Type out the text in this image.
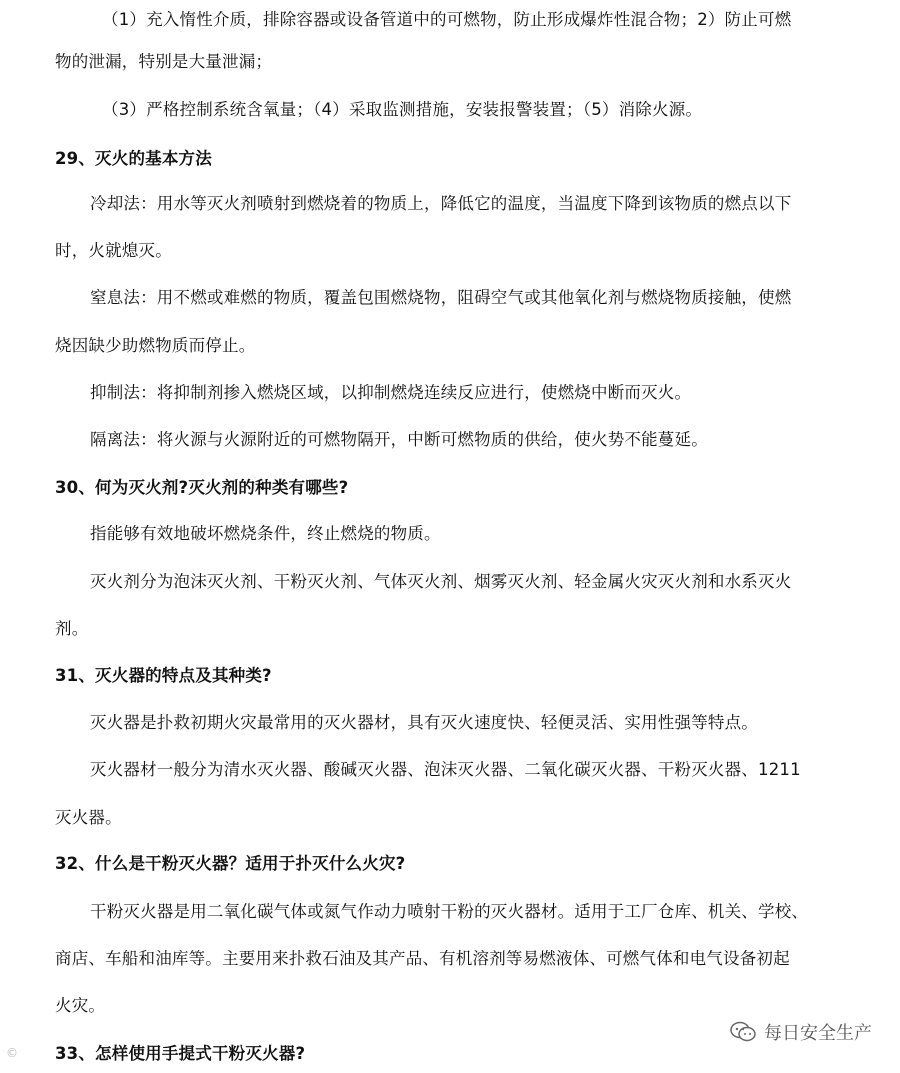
（1）充入惰性介质，排除容器或设备管道中的可燃物，防止形成爆炸性混合物；2）防止可燃

物的泄漏，特别是大量泄漏；

（3）严格控制系统含氧量；（4）采取监测措施，安装报警装置；（5）消除火源。

29、灭火的基本方法

冷却法：用水等灭火剂喷射到燃烧着的物质上，降低它的温度，当温度下降到该物质的燃点以下

时，火就熄灭。

窒息法：用不燃或难燃的物质，覆盖包围燃烧物，阻碍空气或其他氧化剂与燃烧物质接触，使燃

烧因缺少助燃物质而停止。

抑制法：将抑制剂掺入燃烧区域，以抑制燃烧连续反应进行，使燃烧中断而灭火。

隔离法：将火源与火源附近的可燃物隔开，中断可燃物质的供给，使火势不能蔓延。

30、何为灭火剂?灭火剂的种类有哪些?

指能够有效地破坏燃烧条件，终止燃烧的物质。

灭火剂分为泡沫灭火剂、干粉灭火剂、气体灭火剂、烟雾灭火剂、轻金属火灾灭火剂和水系灭火

剂。

31、灭火器的特点及其种类?

灭火器是扑救初期火灾最常用的灭火器材，具有灭火速度快、轻便灵活、实用性强等特点。

灭火器材一般分为清水灭火器、酸碱灭火器、泡沫灭火器、二氧化碳灭火器、干粉灭火器、1211

灭火器。

32、什么是干粉灭火器？适用于扑灭什么火灾?

干粉灭火器是用二氧化碳气体或氮气作动力喷射干粉的灭火器材。适用于工厂仓库、机关、学校、

商店、车船和油库等。主要用来扑救石油及其产品、有机溶剂等易燃液体、可燃气体和电气设备初起

火灾。

33、怎样使用手提式干粉灭火器?

每日安全生产
©
